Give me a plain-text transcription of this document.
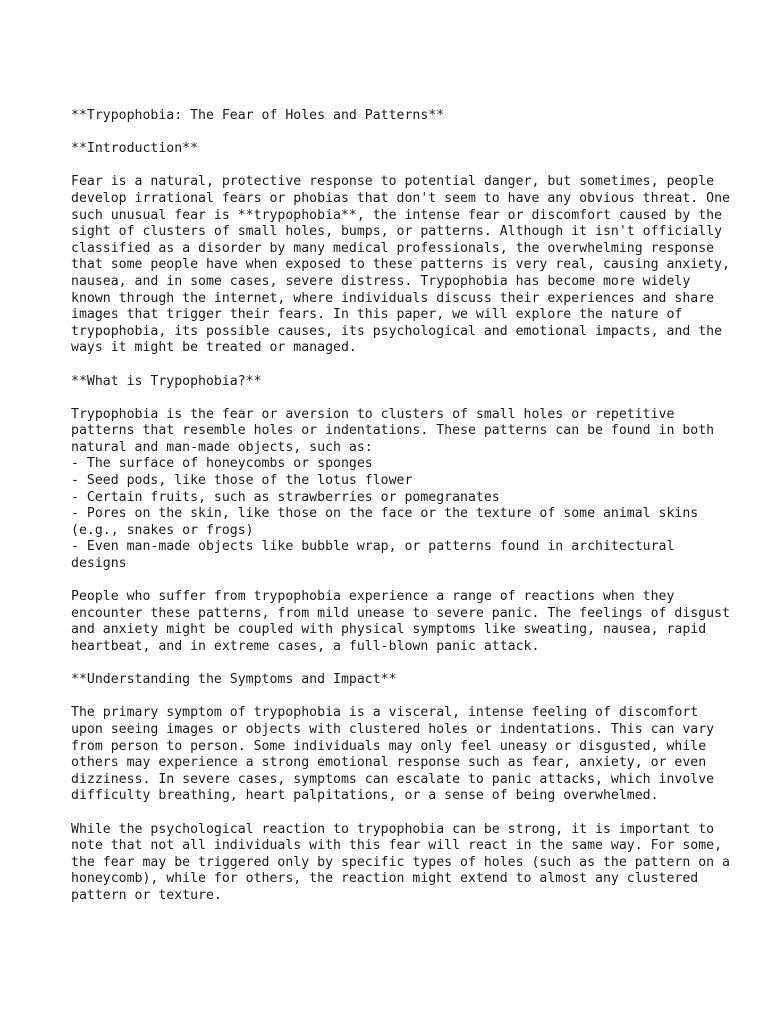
**Trypophobia: The Fear of Holes and Patterns**
**Introduction**
Fear is a natural, protective response to potential danger, but sometimes, people
develop irrational fears or phobias that don't seem to have any obvious threat. One
such unusual fear is **trypophobia**, the intense fear or discomfort caused by the
sight of clusters of small holes, bumps, or patterns. Although it isn't officially
classified as a disorder by many medical professionals, the overwhelming response
that some people have when exposed to these patterns is very real, causing anxiety,
nausea, and in some cases, severe distress. Trypophobia has become more widely
known through the internet, where individuals discuss their experiences and share
images that trigger their fears. In this paper, we will explore the nature of
trypophobia, its possible causes, its psychological and emotional impacts, and the
ways it might be treated or managed.
**What is Trypophobia?**
Trypophobia is the fear or aversion to clusters of small holes or repetitive
patterns that resemble holes or indentations. These patterns can be found in both
natural and man-made objects, such as:
- The surface of honeycombs or sponges
- Seed pods, like those of the lotus flower
- Certain fruits, such as strawberries or pomegranates
- Pores on the skin, like those on the face or the texture of some animal skins
(e.g., snakes or frogs)
- Even man-made objects like bubble wrap, or patterns found in architectural
designs
People who suffer from trypophobia experience a range of reactions when they
encounter these patterns, from mild unease to severe panic. The feelings of disgust
and anxiety might be coupled with physical symptoms like sweating, nausea, rapid
heartbeat, and in extreme cases, a full-blown panic attack.
**Understanding the Symptoms and Impact**
The primary symptom of trypophobia is a visceral, intense feeling of discomfort
upon seeing images or objects with clustered holes or indentations. This can vary
from person to person. Some individuals may only feel uneasy or disgusted, while
others may experience a strong emotional response such as fear, anxiety, or even
dizziness. In severe cases, symptoms can escalate to panic attacks, which involve
difficulty breathing, heart palpitations, or a sense of being overwhelmed.
While the psychological reaction to trypophobia can be strong, it is important to
note that not all individuals with this fear will react in the same way. For some,
the fear may be triggered only by specific types of holes (such as the pattern on a
honeycomb), while for others, the reaction might extend to almost any clustered
pattern or texture.
